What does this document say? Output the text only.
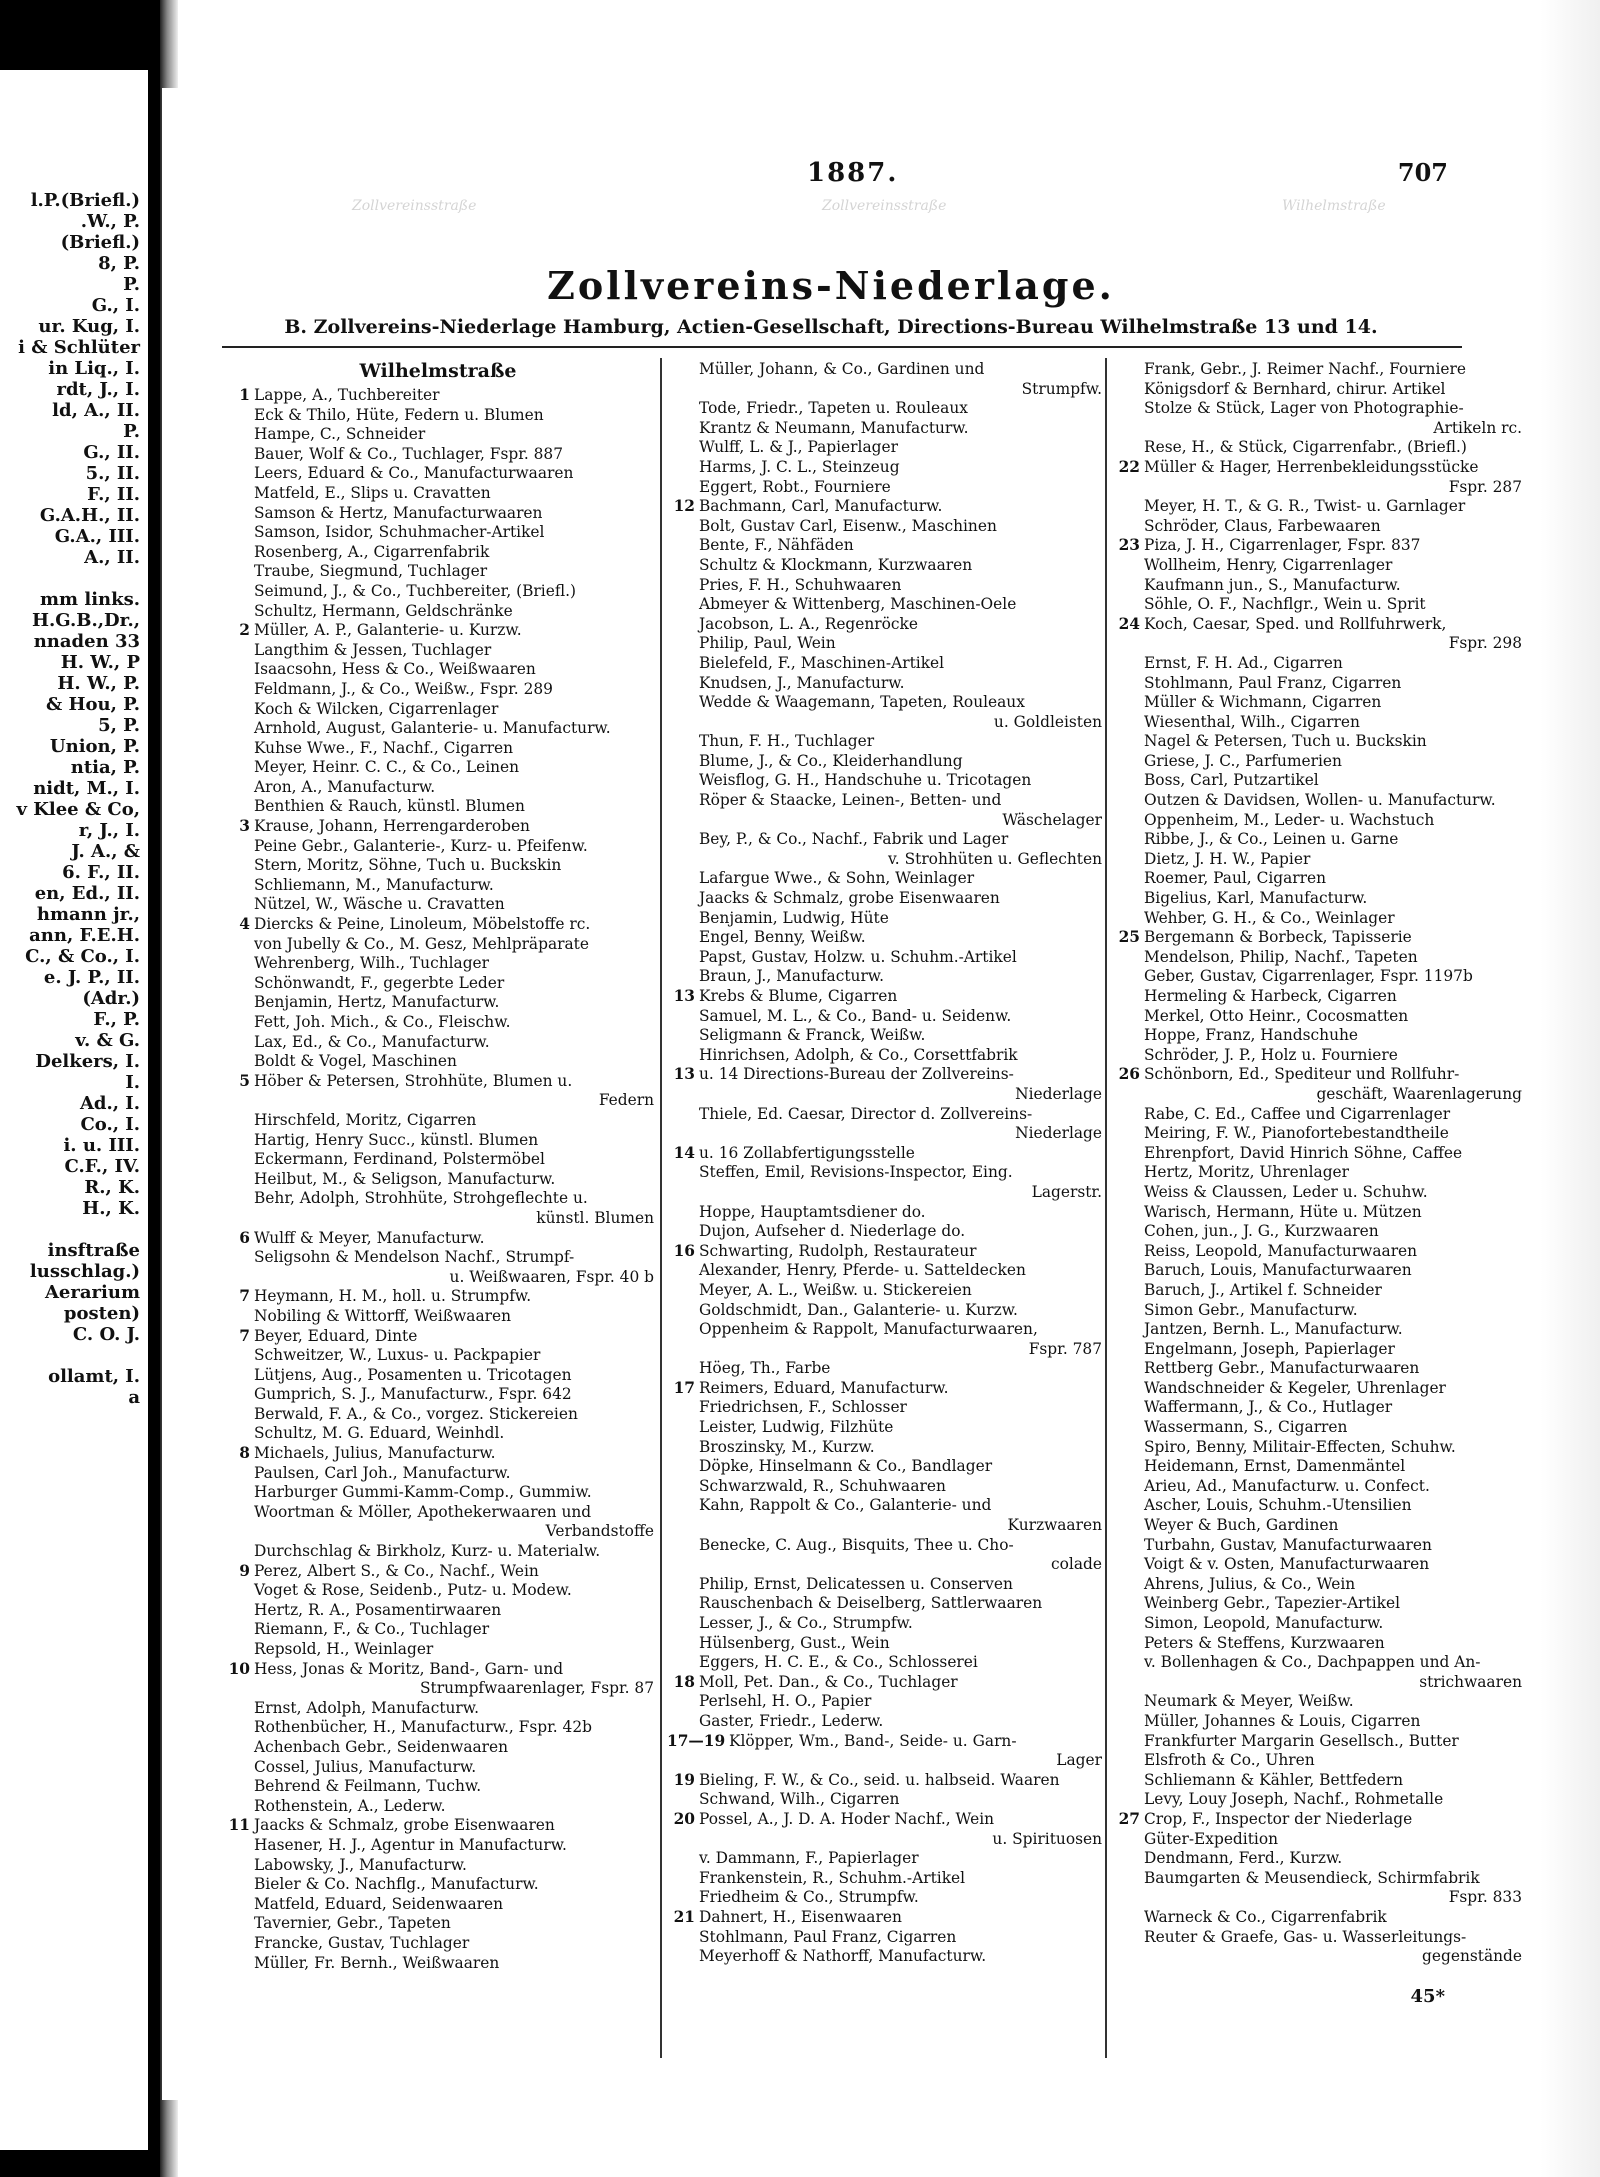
l.P.(Briefl.)
.W., P.
(Briefl.)
8, P.
P.
G., I.
ur. Kug, I.
i & Schlüter
in Liq., I.
rdt, J., I.
ld, A., II.
P.
G., II.
5., II.
F., II.
G.A.H., II.
G.A., III.
A., II.

mm links.
H.G.B.,Dr.,
nnaden 33
H. W., P
H. W., P.
& Hou, P.
5, P.
Union, P.
ntia, P.
nidt, M., I.
v Klee & Co,
r, J., I.
J. A., &
6. F., II.
en, Ed., II.
hmann jr.,
ann, F.E.H.
C., & Co., I.
e. J. P., II.
(Adr.)
F., P.
v. & G.
Delkers, I.
I.
Ad., I.
Co., I.
i. u. III.
C.F., IV.
R., K.
H., K.

insftraße
lusschlag.)
Aerarium
posten)
C. O. J.

ollamt, I.
a
1887.	707
Zollvereinsstraße	Zollvereinsstraße	Wilhelmstraße
Zollvereins-Niederlage.
B. Zollvereins-Niederlage Hamburg, Actien-Gesellschaft, Directions-Bureau Wilhelmstraße 13 und 14.
Wilhelmstraße
1 Lappe, A., Tuchbereiter
Eck & Thilo, Hüte, Federn u. Blumen
Hampe, C., Schneider
Bauer, Wolf & Co., Tuchlager, Fspr. 887
Leers, Eduard & Co., Manufacturwaaren
Matfeld, E., Slips u. Cravatten
Samson & Hertz, Manufacturwaaren
Samson, Isidor, Schuhmacher-Artikel
Rosenberg, A., Cigarrenfabrik
Traube, Siegmund, Tuchlager
Seimund, J., & Co., Tuchbereiter, (Briefl.)
Schultz, Hermann, Geldschränke
2 Müller, A. P., Galanterie- u. Kurzw.
Langthim & Jessen, Tuchlager
Isaacsohn, Hess & Co., Weißwaaren
Feldmann, J., & Co., Weißw., Fspr. 289
Koch & Wilcken, Cigarrenlager
Arnhold, August, Galanterie- u. Manufacturw.
Kuhse Wwe., F., Nachf., Cigarren
Meyer, Heinr. C. C., & Co., Leinen
Aron, A., Manufacturw.
Benthien & Rauch, künstl. Blumen
3 Krause, Johann, Herrengarderoben
Peine Gebr., Galanterie-, Kurz- u. Pfeifenw.
Stern, Moritz, Söhne, Tuch u. Buckskin
Schliemann, M., Manufacturw.
Nützel, W., Wäsche u. Cravatten
4 Diercks & Peine, Linoleum, Möbelstoffe rc.
von Jubelly & Co., M. Gesz, Mehlpräparate
Wehrenberg, Wilh., Tuchlager
Schönwandt, F., gegerbte Leder
Benjamin, Hertz, Manufacturw.
Fett, Joh. Mich., & Co., Fleischw.
Lax, Ed., & Co., Manufacturw.
Boldt & Vogel, Maschinen
5 Höber & Petersen, Strohhüte, Blumen u.
Federn
Hirschfeld, Moritz, Cigarren
Hartig, Henry Succ., künstl. Blumen
Eckermann, Ferdinand, Polstermöbel
Heilbut, M., & Seligson, Manufacturw.
Behr, Adolph, Strohhüte, Strohgeflechte u.
künstl. Blumen
6 Wulff & Meyer, Manufacturw.
Seligsohn & Mendelson Nachf., Strumpf-
u. Weißwaaren, Fspr. 40 b
7 Heymann, H. M., holl. u. Strumpfw.
Nobiling & Wittorff, Weißwaaren
7 Beyer, Eduard, Dinte
Schweitzer, W., Luxus- u. Packpapier
Lütjens, Aug., Posamenten u. Tricotagen
Gumprich, S. J., Manufacturw., Fspr. 642
Berwald, F. A., & Co., vorgez. Stickereien
Schultz, M. G. Eduard, Weinhdl.
8 Michaels, Julius, Manufacturw.
Paulsen, Carl Joh., Manufacturw.
Harburger Gummi-Kamm-Comp., Gummiw.
Woortman & Möller, Apothekerwaaren und
Verbandstoffe
Durchschlag & Birkholz, Kurz- u. Materialw.
9 Perez, Albert S., & Co., Nachf., Wein
Voget & Rose, Seidenb., Putz- u. Modew.
Hertz, R. A., Posamentirwaaren
Riemann, F., & Co., Tuchlager
Repsold, H., Weinlager
10 Hess, Jonas & Moritz, Band-, Garn- und
Strumpfwaarenlager, Fspr. 87
Ernst, Adolph, Manufacturw.
Rothenbücher, H., Manufacturw., Fspr. 42b
Achenbach Gebr., Seidenwaaren
Cossel, Julius, Manufacturw.
Behrend & Feilmann, Tuchw.
Rothenstein, A., Lederw.
11 Jaacks & Schmalz, grobe Eisenwaaren
Hasener, H. J., Agentur in Manufacturw.
Labowsky, J., Manufacturw.
Bieler & Co. Nachflg., Manufacturw.
Matfeld, Eduard, Seidenwaaren
Tavernier, Gebr., Tapeten
Francke, Gustav, Tuchlager
Müller, Fr. Bernh., Weißwaaren
Müller, Johann, & Co., Gardinen und
Strumpfw.
Tode, Friedr., Tapeten u. Rouleaux
Krantz & Neumann, Manufacturw.
Wulff, L. & J., Papierlager
Harms, J. C. L., Steinzeug
Eggert, Robt., Fourniere
12 Bachmann, Carl, Manufacturw.
Bolt, Gustav Carl, Eisenw., Maschinen
Bente, F., Nähfäden
Schultz & Klockmann, Kurzwaaren
Pries, F. H., Schuhwaaren
Abmeyer & Wittenberg, Maschinen-Oele
Jacobson, L. A., Regenröcke
Philip, Paul, Wein
Bielefeld, F., Maschinen-Artikel
Knudsen, J., Manufacturw.
Wedde & Waagemann, Tapeten, Rouleaux
u. Goldleisten
Thun, F. H., Tuchlager
Blume, J., & Co., Kleiderhandlung
Weisflog, G. H., Handschuhe u. Tricotagen
Röper & Staacke, Leinen-, Betten- und
Wäschelager
Bey, P., & Co., Nachf., Fabrik und Lager
v. Strohhüten u. Geflechten
Lafargue Wwe., & Sohn, Weinlager
Jaacks & Schmalz, grobe Eisenwaaren
Benjamin, Ludwig, Hüte
Engel, Benny, Weißw.
Papst, Gustav, Holzw. u. Schuhm.-Artikel
Braun, J., Manufacturw.
13 Krebs & Blume, Cigarren
Samuel, M. L., & Co., Band- u. Seidenw.
Seligmann & Franck, Weißw.
Hinrichsen, Adolph, & Co., Corsettfabrik
13 u. 14 Directions-Bureau der Zollvereins-
Niederlage
Thiele, Ed. Caesar, Director d. Zollvereins-
Niederlage
14 u. 16 Zollabfertigungsstelle
Steffen, Emil, Revisions-Inspector, Eing.
Lagerstr.
Hoppe, Hauptamtsdiener do.
Dujon, Aufseher d. Niederlage do.
16 Schwarting, Rudolph, Restaurateur
Alexander, Henry, Pferde- u. Satteldecken
Meyer, A. L., Weißw. u. Stickereien
Goldschmidt, Dan., Galanterie- u. Kurzw.
Oppenheim & Rappolt, Manufacturwaaren,
Fspr. 787
Höeg, Th., Farbe
17 Reimers, Eduard, Manufacturw.
Friedrichsen, F., Schlosser
Leister, Ludwig, Filzhüte
Broszinsky, M., Kurzw.
Döpke, Hinselmann & Co., Bandlager
Schwarzwald, R., Schuhwaaren
Kahn, Rappolt & Co., Galanterie- und
Kurzwaaren
Benecke, C. Aug., Bisquits, Thee u. Cho-
colade
Philip, Ernst, Delicatessen u. Conserven
Rauschenbach & Deiselberg, Sattlerwaaren
Lesser, J., & Co., Strumpfw.
Hülsenberg, Gust., Wein
Eggers, H. C. E., & Co., Schlosserei
18 Moll, Pet. Dan., & Co., Tuchlager
Perlsehl, H. O., Papier
Gaster, Friedr., Lederw.
17—19 Klöpper, Wm., Band-, Seide- u. Garn-
Lager
19 Bieling, F. W., & Co., seid. u. halbseid. Waaren
Schwand, Wilh., Cigarren
20 Possel, A., J. D. A. Hoder Nachf., Wein
u. Spirituosen
v. Dammann, F., Papierlager
Frankenstein, R., Schuhm.-Artikel
Friedheim & Co., Strumpfw.
21 Dahnert, H., Eisenwaaren
Stohlmann, Paul Franz, Cigarren
Meyerhoff & Nathorff, Manufacturw.
Frank, Gebr., J. Reimer Nachf., Fourniere
Königsdorf & Bernhard, chirur. Artikel
Stolze & Stück, Lager von Photographie-
Artikeln rc.
Rese, H., & Stück, Cigarrenfabr., (Briefl.)
22 Müller & Hager, Herrenbekleidungsstücke
Fspr. 287
Meyer, H. T., & G. R., Twist- u. Garnlager
Schröder, Claus, Farbewaaren
23 Piza, J. H., Cigarrenlager, Fspr. 837
Wollheim, Henry, Cigarrenlager
Kaufmann jun., S., Manufacturw.
Söhle, O. F., Nachflgr., Wein u. Sprit
24 Koch, Caesar, Sped. und Rollfuhrwerk,
Fspr. 298
Ernst, F. H. Ad., Cigarren
Stohlmann, Paul Franz, Cigarren
Müller & Wichmann, Cigarren
Wiesenthal, Wilh., Cigarren
Nagel & Petersen, Tuch u. Buckskin
Griese, J. C., Parfumerien
Boss, Carl, Putzartikel
Outzen & Davidsen, Wollen- u. Manufacturw.
Oppenheim, M., Leder- u. Wachstuch
Ribbe, J., & Co., Leinen u. Garne
Dietz, J. H. W., Papier
Roemer, Paul, Cigarren
Bigelius, Karl, Manufacturw.
Wehber, G. H., & Co., Weinlager
25 Bergemann & Borbeck, Tapisserie
Mendelson, Philip, Nachf., Tapeten
Geber, Gustav, Cigarrenlager, Fspr. 1197b
Hermeling & Harbeck, Cigarren
Merkel, Otto Heinr., Cocosmatten
Hoppe, Franz, Handschuhe
Schröder, J. P., Holz u. Fourniere
26 Schönborn, Ed., Spediteur und Rollfuhr-
geschäft, Waarenlagerung
Rabe, C. Ed., Caffee und Cigarrenlager
Meiring, F. W., Pianofortebestandtheile
Ehrenpfort, David Hinrich Söhne, Caffee
Hertz, Moritz, Uhrenlager
Weiss & Claussen, Leder u. Schuhw.
Warisch, Hermann, Hüte u. Mützen
Cohen, jun., J. G., Kurzwaaren
Reiss, Leopold, Manufacturwaaren
Baruch, Louis, Manufacturwaaren
Baruch, J., Artikel f. Schneider
Simon Gebr., Manufacturw.
Jantzen, Bernh. L., Manufacturw.
Engelmann, Joseph, Papierlager
Rettberg Gebr., Manufacturwaaren
Wandschneider & Kegeler, Uhrenlager
Waffermann, J., & Co., Hutlager
Wassermann, S., Cigarren
Spiro, Benny, Militair-Effecten, Schuhw.
Heidemann, Ernst, Damenmäntel
Arieu, Ad., Manufacturw. u. Confect.
Ascher, Louis, Schuhm.-Utensilien
Weyer & Buch, Gardinen
Turbahn, Gustav, Manufacturwaaren
Voigt & v. Osten, Manufacturwaaren
Ahrens, Julius, & Co., Wein
Weinberg Gebr., Tapezier-Artikel
Simon, Leopold, Manufacturw.
Peters & Steffens, Kurzwaaren
v. Bollenhagen & Co., Dachpappen und An-
strichwaaren
Neumark & Meyer, Weißw.
Müller, Johannes & Louis, Cigarren
Frankfurter Margarin Gesellsch., Butter
Elsfroth & Co., Uhren
Schliemann & Kähler, Bettfedern
Levy, Louy Joseph, Nachf., Rohmetalle
27 Crop, F., Inspector der Niederlage
Güter-Expedition
Dendmann, Ferd., Kurzw.
Baumgarten & Meusendieck, Schirmfabrik
Fspr. 833
Warneck & Co., Cigarrenfabrik
Reuter & Graefe, Gas- u. Wasserleitungs-
gegenstände
45*
